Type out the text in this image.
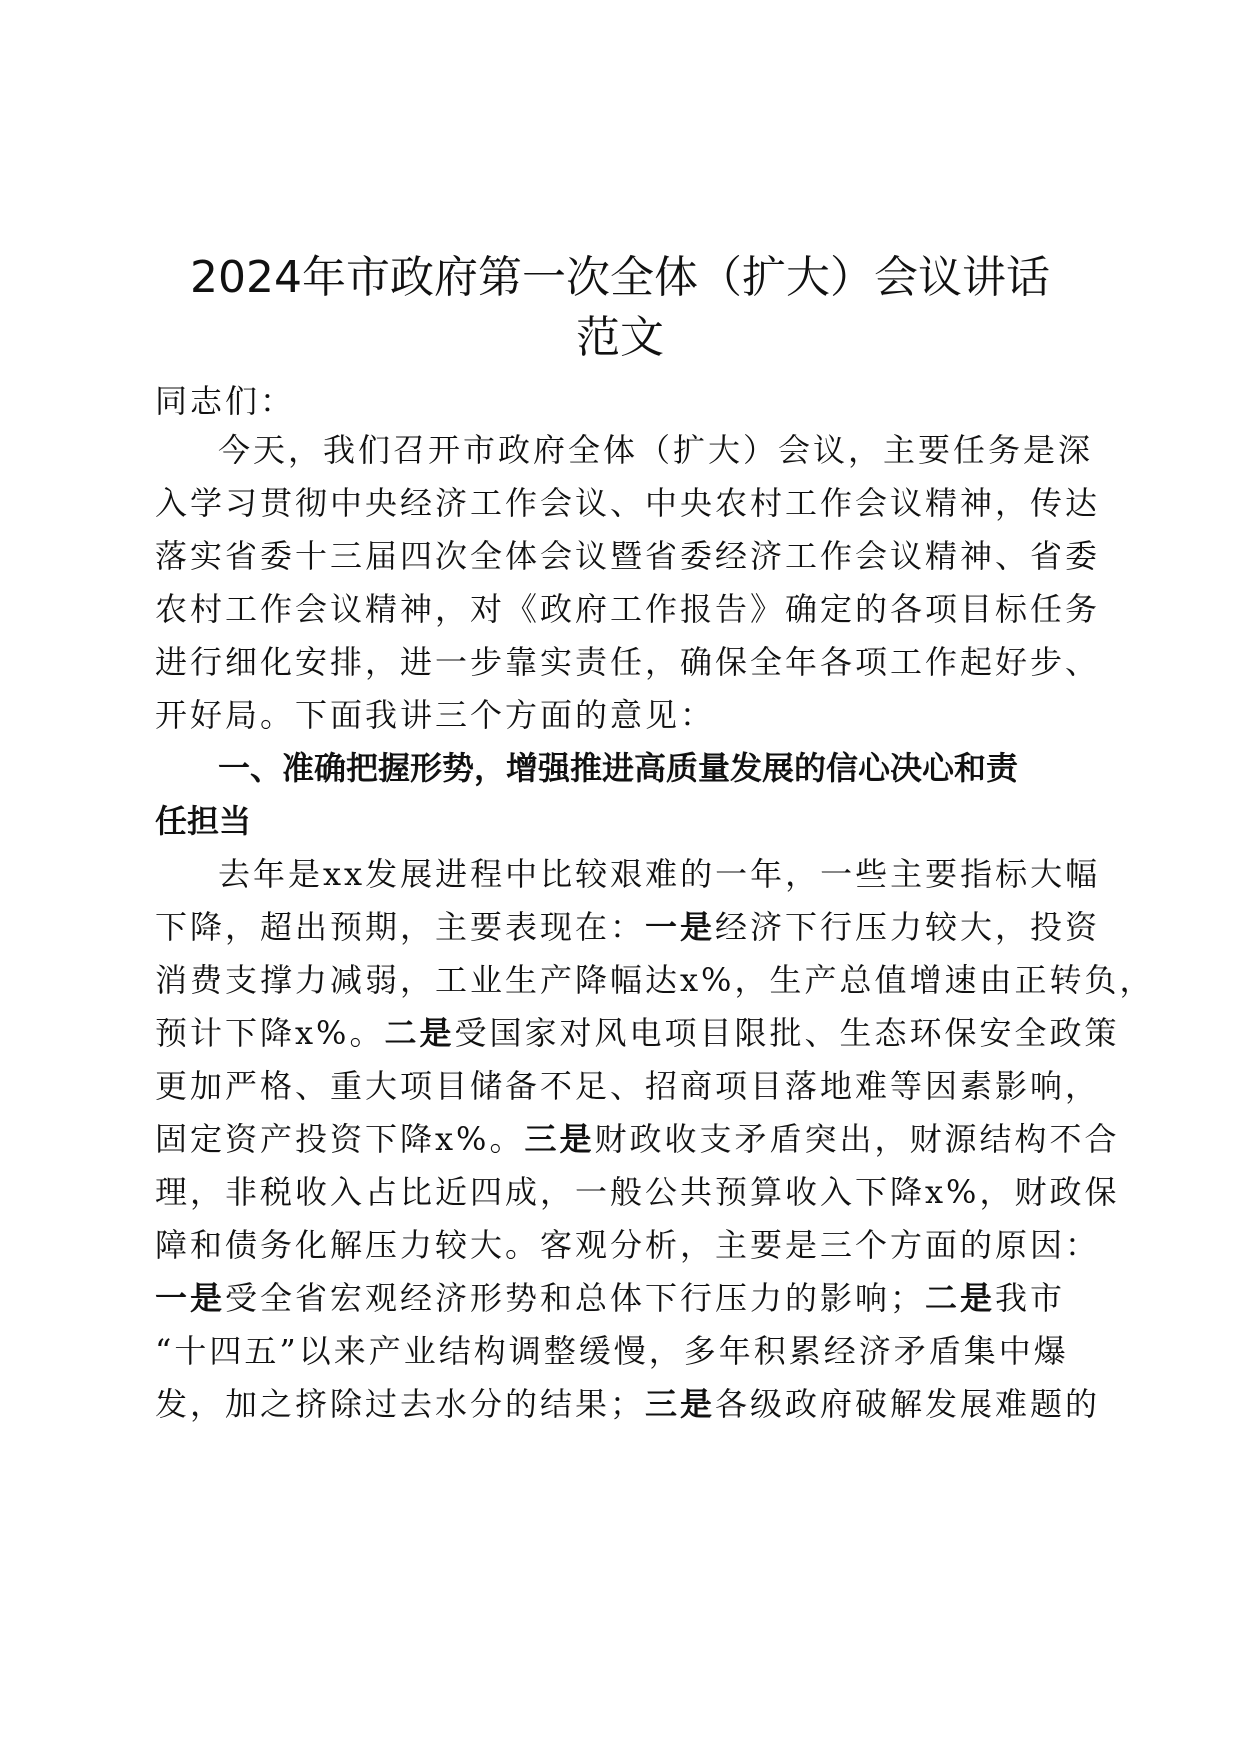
2024年市政府第一次全体（扩大）会议讲话
范文
同志们：
今天，我们召开市政府全体（扩大）会议，主要任务是深
入学习贯彻中央经济工作会议、中央农村工作会议精神，传达
落实省委十三届四次全体会议暨省委经济工作会议精神、省委
农村工作会议精神，对《政府工作报告》确定的各项目标任务
进行细化安排，进一步靠实责任，确保全年各项工作起好步、
开好局。下面我讲三个方面的意见：
一、准确把握形势，增强推进高质量发展的信心决心和责
任担当
去年是xx发展进程中比较艰难的一年，一些主要指标大幅
下降，超出预期，主要表现在：一是经济下行压力较大，投资
消费支撑力减弱，工业生产降幅达x%，生产总值增速由正转负，
预计下降x%。二是受国家对风电项目限批、生态环保安全政策
更加严格、重大项目储备不足、招商项目落地难等因素影响，
固定资产投资下降x%。三是财政收支矛盾突出，财源结构不合
理，非税收入占比近四成，一般公共预算收入下降x%，财政保
障和债务化解压力较大。客观分析，主要是三个方面的原因：
一是受全省宏观经济形势和总体下行压力的影响；二是我市
“十四五”以来产业结构调整缓慢，多年积累经济矛盾集中爆
发，加之挤除过去水分的结果；三是各级政府破解发展难题的
